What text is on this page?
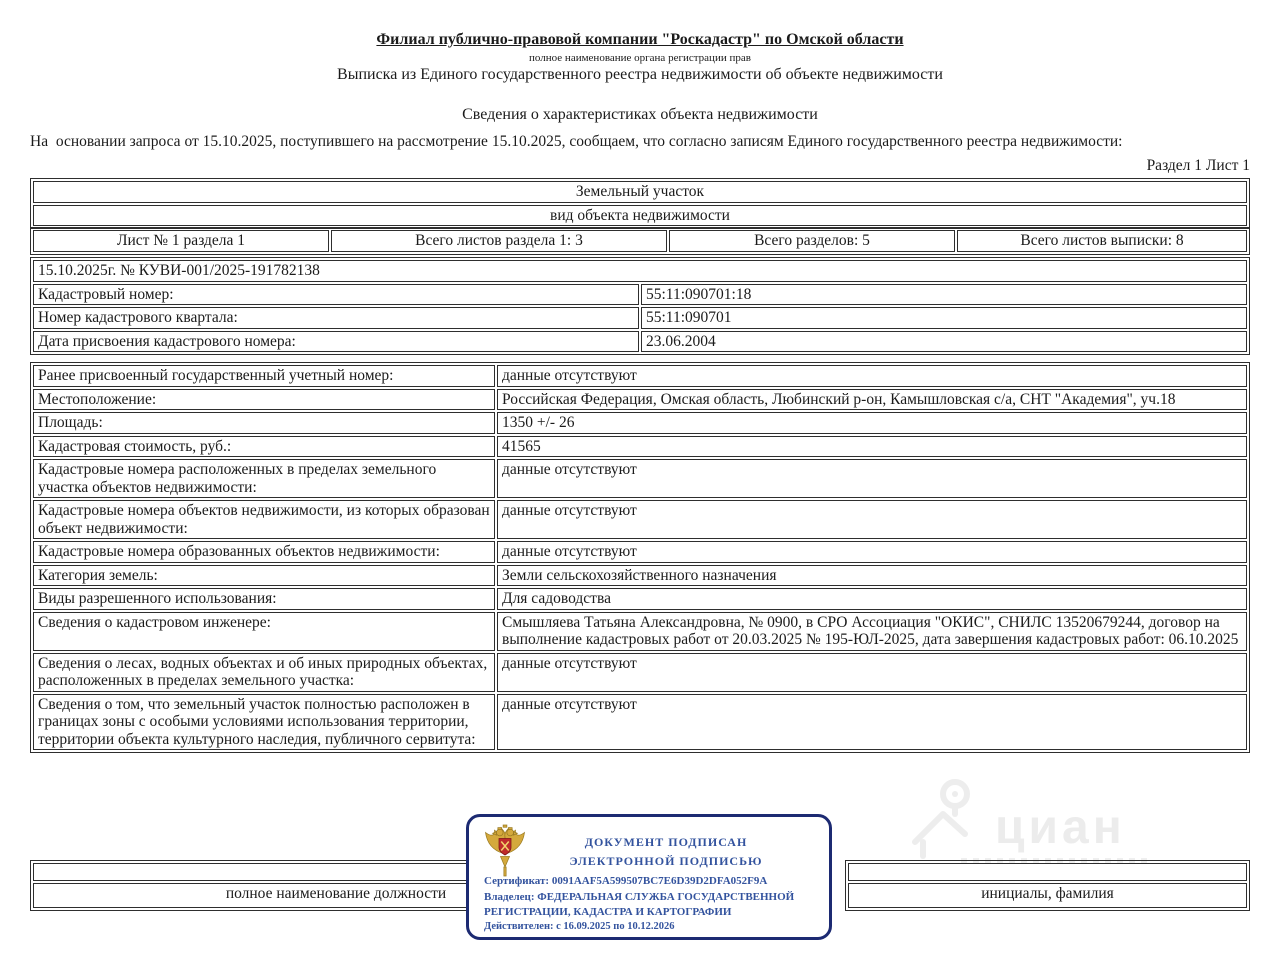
Филиал публично-правовой компании "Роскадастр" по Омской области
полное наименование органа регистрации прав
Выписка из Единого государственного реестра недвижимости об объекте недвижимости
Сведения о характеристиках объекта недвижимости
На  основании запроса от 15.10.2025, поступившего на рассмотрение 15.10.2025, сообщаем, что согласно записям Единого государственного реестра недвижимости:
Раздел 1 Лист 1
Земельный участок
вид объекта недвижимости
Лист № 1 раздела 1	Всего листов раздела 1: 3	Всего разделов: 5	Всего листов выписки: 8
15.10.2025г. № КУВИ-001/2025-191782138	
Кадастровый номер:	55:11:090701:18
Номер кадастрового квартала:	55:11:090701
Дата присвоения кадастрового номера:	23.06.2004
Ранее присвоенный государственный учетный номер:	данные отсутствуют
Местоположение:	Российская Федерация, Омская область, Любинский р-он, Камышловская с/а, СНТ "Академия", уч.18
Площадь:	1350 +/- 26
Кадастровая стоимость, руб.:	41565
Кадастровые номера расположенных в пределах земельного участка объектов недвижимости:	данные отсутствуют
Кадастровые номера объектов недвижимости, из которых образован объект недвижимости:	данные отсутствуют
Кадастровые номера образованных объектов недвижимости:	данные отсутствуют
Категория земель:	Земли сельскохозяйственного назначения
Виды разрешенного использования:	Для садоводства
Сведения о кадастровом инженере:	Смышляева Татьяна Александровна, № 0900, в СРО Ассоциация "ОКИС", СНИЛС 13520679244, договор на выполнение кадастровых работ от 20.03.2025 № 195-ЮЛ-2025, дата завершения кадастровых работ: 06.10.2025
Сведения о лесах, водных объектах и об иных природных объектах, расположенных в пределах земельного участка:	данные отсутствуют
Сведения о том, что земельный участок полностью расположен в границах зоны с особыми условиями использования территории, территории объекта культурного наследия, публичного сервитута:	данные отсутствуют
циан

полное наименование должности	инициалы, фамилия
ДОКУМЕНТ ПОДПИСАН
ЭЛЕКТРОННОЙ ПОДПИСЬЮ
Сертификат: 0091AAF5A599507BC7E6D39D2DFA052F9A
Владелец: ФЕДЕРАЛЬНАЯ СЛУЖБА ГОСУДАРСТВЕННОЙ
РЕГИСТРАЦИИ, КАДАСТРА И КАРТОГРАФИИ
Действителен: с 16.09.2025 по 10.12.2026
